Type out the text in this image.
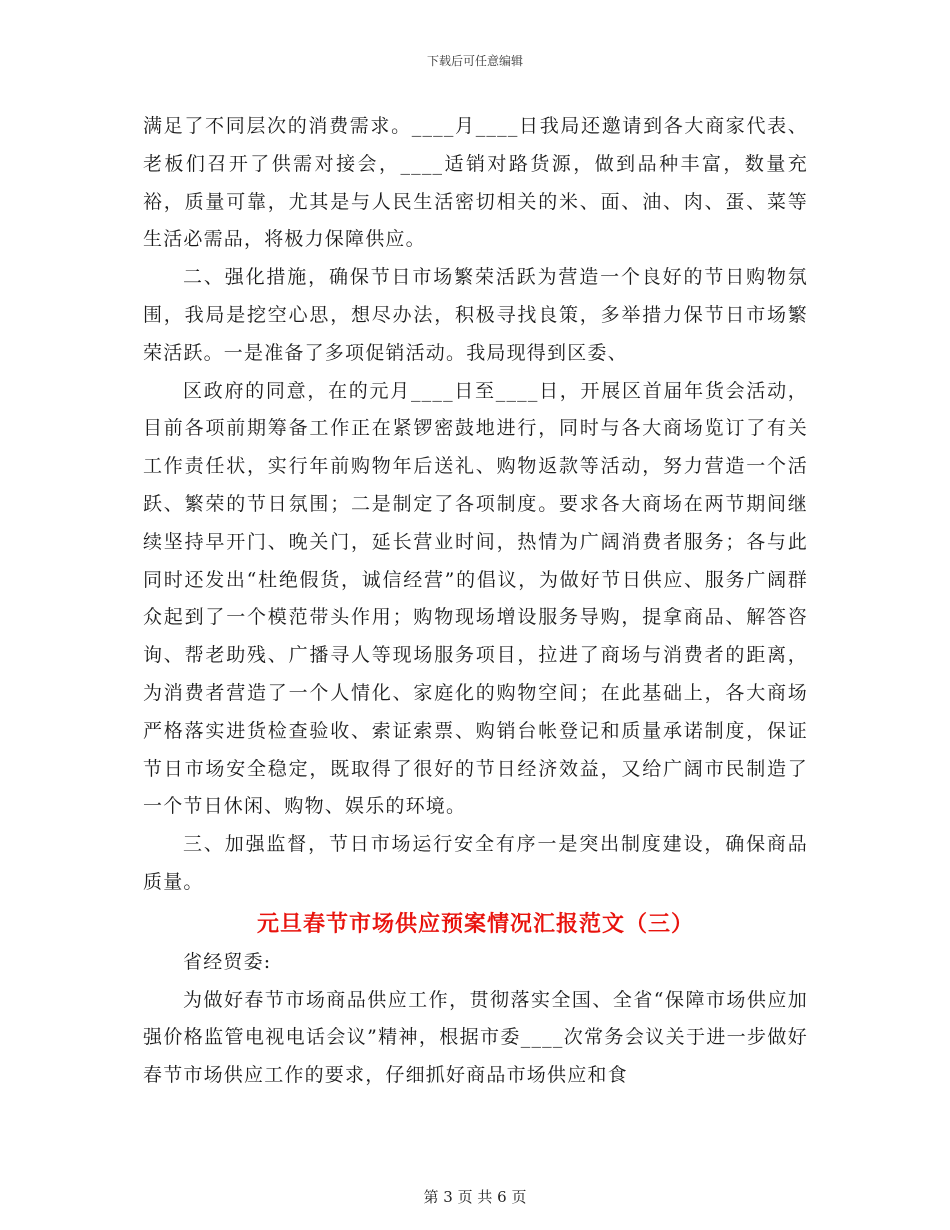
下载后可任意编辑

满足了不同层次的消费需求。____月____日我局还邀请到各大商家代表、老板们召开了供需对接会，____适销对路货源，做到品种丰富，数量充裕，质量可靠，尤其是与人民生活密切相关的米、面、油、肉、蛋、菜等生活必需品，将极力保障供应。

二、强化措施，确保节日市场繁荣活跃为营造一个良好的节日购物氛围，我局是挖空心思，想尽办法，积极寻找良策，多举措力保节日市场繁荣活跃。一是准备了多项促销活动。我局现得到区委、

区政府的同意，在的元月____日至____日，开展区首届年货会活动，目前各项前期筹备工作正在紧锣密鼓地进行，同时与各大商场览订了有关工作责任状，实行年前购物年后送礼、购物返款等活动，努力营造一个活跃、繁荣的节日氛围；二是制定了各项制度。要求各大商场在两节期间继续坚持早开门、晚关门，延长营业时间，热情为广阔消费者服务；各与此同时还发出“杜绝假货，诚信经营”的倡议，为做好节日供应、服务广阔群众起到了一个模范带头作用；购物现场增设服务导购，提拿商品、解答咨询、帮老助残、广播寻人等现场服务项目，拉进了商场与消费者的距离，为消费者营造了一个人情化、家庭化的购物空间；在此基础上，各大商场严格落实进货检查验收、索证索票、购销台帐登记和质量承诺制度，保证节日市场安全稳定，既取得了很好的节日经济效益，又给广阔市民制造了一个节日休闲、购物、娱乐的环境。

三、加强监督，节日市场运行安全有序一是突出制度建设，确保商品质量。

元旦春节市场供应预案情况汇报范文（三）

省经贸委:

为做好春节市场商品供应工作，贯彻落实全国、全省“保障市场供应加强价格监管电视电话会议”精神，根据市委____次常务会议关于进一步做好春节市场供应工作的要求，仔细抓好商品市场供应和食

第 3 页 共 6 页
